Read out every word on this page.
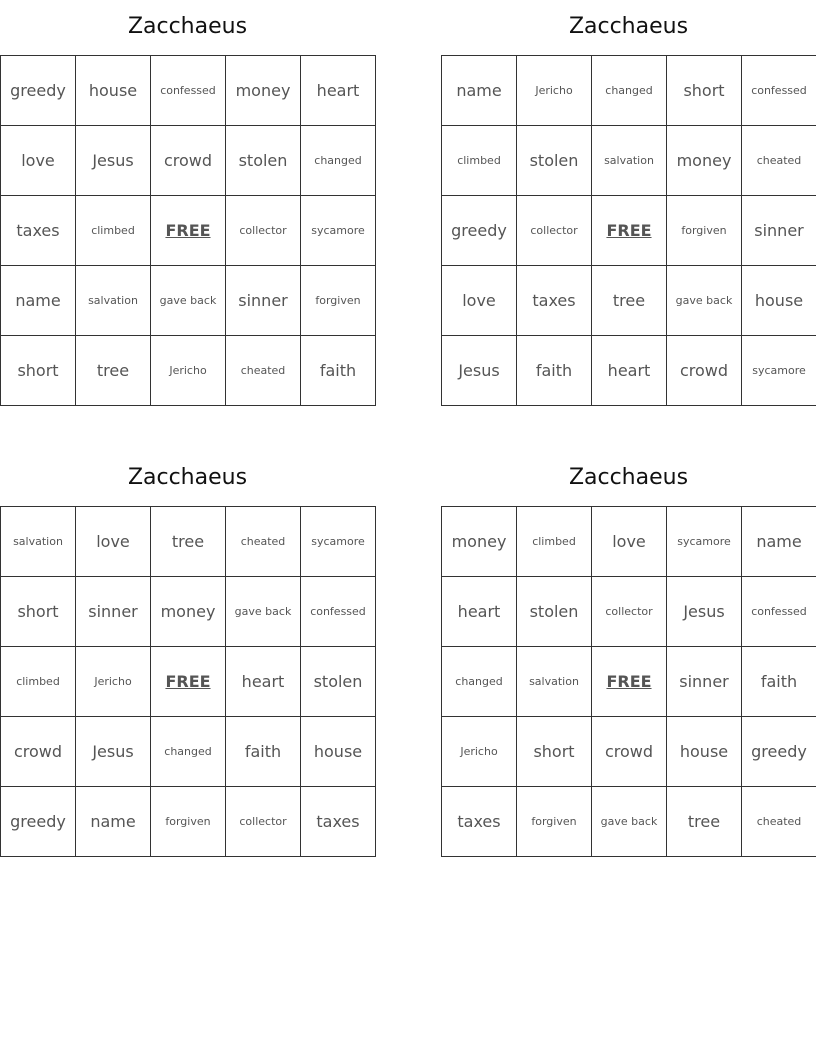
Zacchaeus
greedy	house	confessed	money	heart
love	Jesus	crowd	stolen	changed
taxes	climbed	FREE	collector	sycamore
name	salvation	gave back	sinner	forgiven
short	tree	Jericho	cheated	faith
Zacchaeus
name	Jericho	changed	short	confessed
climbed	stolen	salvation	money	cheated
greedy	collector	FREE	forgiven	sinner
love	taxes	tree	gave back	house
Jesus	faith	heart	crowd	sycamore
Zacchaeus
salvation	love	tree	cheated	sycamore
short	sinner	money	gave back	confessed
climbed	Jericho	FREE	heart	stolen
crowd	Jesus	changed	faith	house
greedy	name	forgiven	collector	taxes
Zacchaeus
money	climbed	love	sycamore	name
heart	stolen	collector	Jesus	confessed
changed	salvation	FREE	sinner	faith
Jericho	short	crowd	house	greedy
taxes	forgiven	gave back	tree	cheated
